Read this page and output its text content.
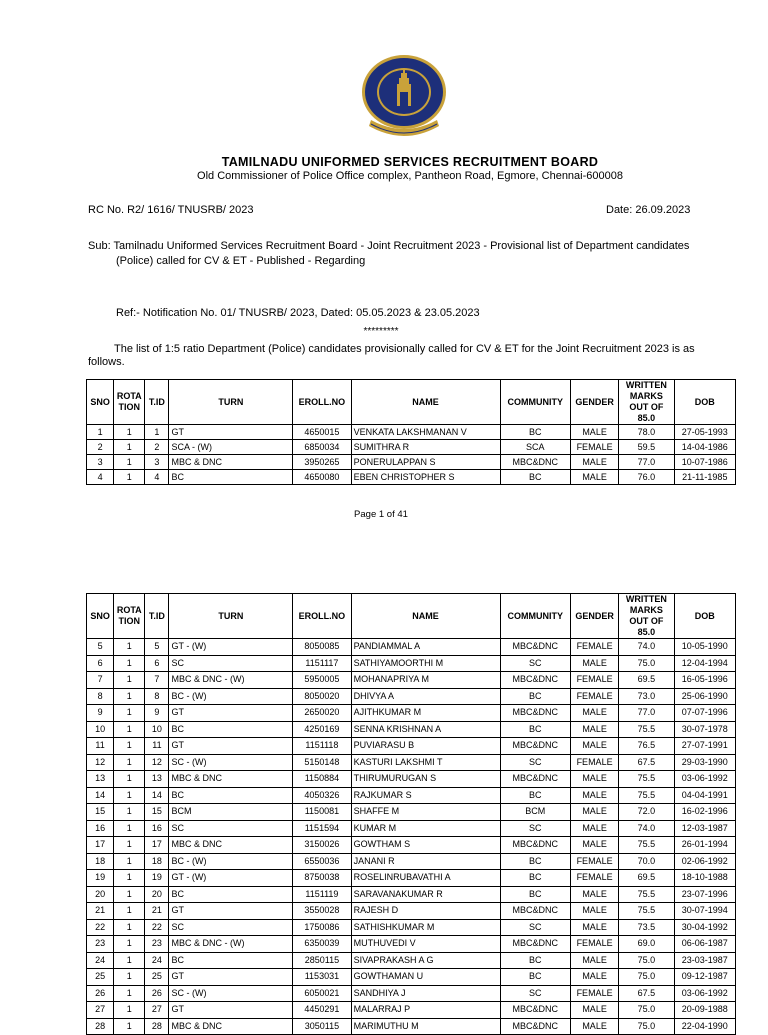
TAMILNADU UNIFORMED SERVICES RECRUITMENT BOARD
Old Commissioner of Police Office complex, Pantheon Road, Egmore, Chennai-600008
RC No. R2/ 1616/ TNUSRB/ 2023	Date: 26.09.2023
Sub: Tamilnadu Uniformed Services Recruitment Board - Joint Recruitment 2023 - Provisional list of Department candidates
(Police) called for CV & ET - Published - Regarding
Ref:- Notification No. 01/ TNUSRB/ 2023, Dated: 05.05.2023 & 23.05.2023
*********
The list of 1:5 ratio Department (Police) candidates provisionally called for CV & ET for the Joint Recruitment 2023 is as follows.
SNO	ROTA TION	T.ID	TURN	EROLL.NO	NAME	COMMUNITY	GENDER	WRITTEN MARKS OUT OF 85.0	DOB
1	1	1	GT	4650015	VENKATA LAKSHMANAN V	BC	MALE	78.0	27-05-1993
2	1	2	SCA - (W)	6850034	SUMITHRA R	SCA	FEMALE	59.5	14-04-1986
3	1	3	MBC & DNC	3950265	PONERULAPPAN S	MBC&DNC	MALE	77.0	10-07-1986
4	1	4	BC	4650080	EBEN CHRISTOPHER S	BC	MALE	76.0	21-11-1985
Page 1 of 41
SNO	ROTA TION	T.ID	TURN	EROLL.NO	NAME	COMMUNITY	GENDER	WRITTEN MARKS OUT OF 85.0	DOB
5	1	5	GT - (W)	8050085	PANDIAMMAL A	MBC&DNC	FEMALE	74.0	10-05-1990
6	1	6	SC	1151117	SATHIYAMOORTHI M	SC	MALE	75.0	12-04-1994
7	1	7	MBC & DNC - (W)	5950005	MOHANAPRIYA M	MBC&DNC	FEMALE	69.5	16-05-1996
8	1	8	BC - (W)	8050020	DHIVYA A	BC	FEMALE	73.0	25-06-1990
9	1	9	GT	2650020	AJITHKUMAR M	MBC&DNC	MALE	77.0	07-07-1996
10	1	10	BC	4250169	SENNA KRISHNAN A	BC	MALE	75.5	30-07-1978
11	1	11	GT	1151118	PUVIARASU B	MBC&DNC	MALE	76.5	27-07-1991
12	1	12	SC - (W)	5150148	KASTURI LAKSHMI T	SC	FEMALE	67.5	29-03-1990
13	1	13	MBC & DNC	1150884	THIRUMURUGAN S	MBC&DNC	MALE	75.5	03-06-1992
14	1	14	BC	4050326	RAJKUMAR S	BC	MALE	75.5	04-04-1991
15	1	15	BCM	1150081	SHAFFE M	BCM	MALE	72.0	16-02-1996
16	1	16	SC	1151594	KUMAR M	SC	MALE	74.0	12-03-1987
17	1	17	MBC & DNC	3150026	GOWTHAM S	MBC&DNC	MALE	75.5	26-01-1994
18	1	18	BC - (W)	6550036	JANANI R	BC	FEMALE	70.0	02-06-1992
19	1	19	GT - (W)	8750038	ROSELINRUBAVATHI A	BC	FEMALE	69.5	18-10-1988
20	1	20	BC	1151119	SARAVANAKUMAR R	BC	MALE	75.5	23-07-1996
21	1	21	GT	3550028	RAJESH D	MBC&DNC	MALE	75.5	30-07-1994
22	1	22	SC	1750086	SATHISHKUMAR M	SC	MALE	73.5	30-04-1992
23	1	23	MBC & DNC - (W)	6350039	MUTHUVEDI V	MBC&DNC	FEMALE	69.0	06-06-1987
24	1	24	BC	2850115	SIVAPRAKASH A G	BC	MALE	75.0	23-03-1987
25	1	25	GT	1153031	GOWTHAMAN U	BC	MALE	75.0	09-12-1987
26	1	26	SC - (W)	6050021	SANDHIYA J	SC	FEMALE	67.5	03-06-1992
27	1	27	GT	4450291	MALARRAJ P	MBC&DNC	MALE	75.0	20-09-1988
28	1	28	MBC & DNC	3050115	MARIMUTHU M	MBC&DNC	MALE	75.0	22-04-1990
